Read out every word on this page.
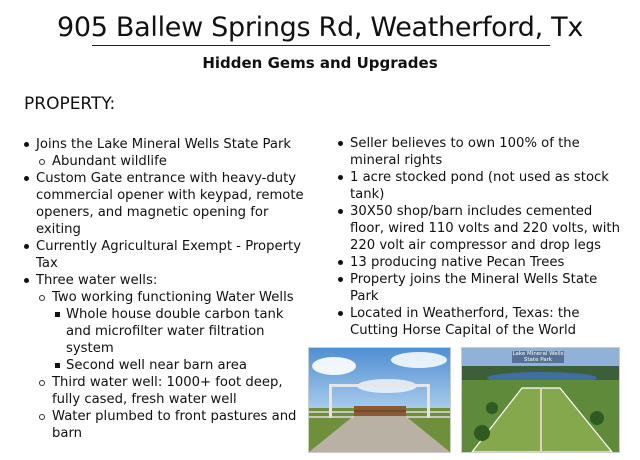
905 Ballew Springs Rd, Weatherford, Tx
Hidden Gems and Upgrades
PROPERTY:
Joins the Lake Mineral Wells State Park
Abundant wildlife
Custom Gate entrance with heavy-duty commercial opener with keypad, remote openers, and magnetic opening for exiting
Currently Agricultural Exempt - Property Tax
Three water wells:
Two working functioning Water Wells
Whole house double carbon tank and microfilter water filtration system
Second well near barn area
Third water well: 1000+ foot deep, fully cased, fresh water well
Water plumbed to front pastures and barn
Seller believes to own 100% of the mineral rights
1 acre stocked pond (not used as stock tank)
30X50 shop/barn includes cemented floor, wired 110 volts and 220 volts, with 220 volt air compressor and drop legs
13 producing native Pecan Trees
Property joins the Mineral Wells State Park
Located in Weatherford, Texas: the Cutting Horse Capital of the World
Lake Mineral Wells State Park
